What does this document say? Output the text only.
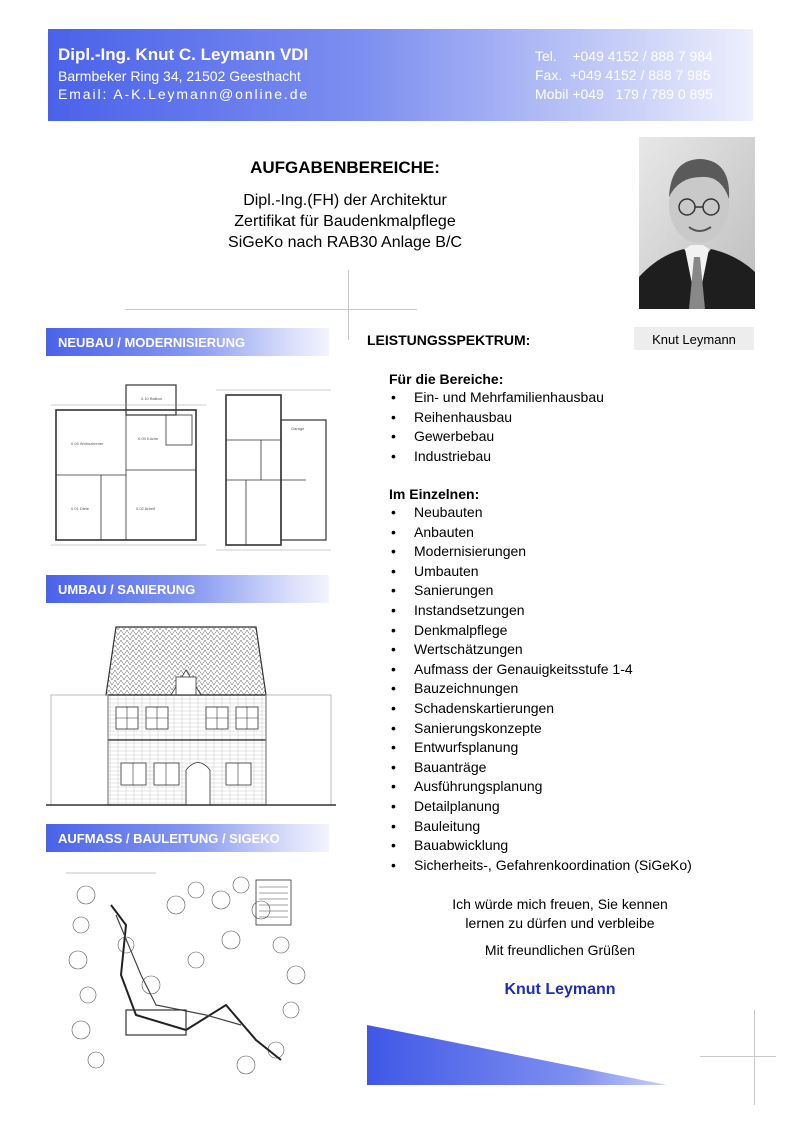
Dipl.-Ing. Knut C. Leymann VDI
Barmbeker Ring 34, 21502 Geesthacht
Email: A-K.Leymann@online.de
Tel.    +049 4152 / 888 7 984
Fax.  +049 4152 / 888 7 985
Mobil +049   179 / 789 0 895
AUFGABENBEREICHE:
Dipl.-Ing.(FH) der Architektur
Zertifikat für Baudenkmalpflege
SiGeKo nach RAB30 Anlage B/C
Knut Leymann
NEUBAU / MODERNISIERUNG
0.04 Wohnzimmer
0.05 Küche
0.01 Diele	0.02 Arbeit
0.10 Balkon
Garage
UMBAU / SANIERUNG
AUFMASS / BAULEITUNG / SIGEKO
LEISTUNGSSPEKTRUM:
Für die Bereiche:
• Ein- und Mehrfamilienhausbau
• Reihenhausbau
• Gewerbebau
• Industriebau
Im Einzelnen:
• Neubauten
• Anbauten
• Modernisierungen
• Umbauten
• Sanierungen
• Instandsetzungen
• Denkmalpflege
• Wertschätzungen
• Aufmass der Genauigkeitsstufe 1-4
• Bauzeichnungen
• Schadenskartierungen
• Sanierungskonzepte
• Entwurfsplanung
• Bauanträge
• Ausführungsplanung
• Detailplanung
• Bauleitung
• Bauabwicklung
• Sicherheits-, Gefahrenkoordination (SiGeKo)
Ich würde mich freuen, Sie kennen
lernen zu dürfen und verbleibe
Mit freundlichen Grüßen
Knut Leymann
